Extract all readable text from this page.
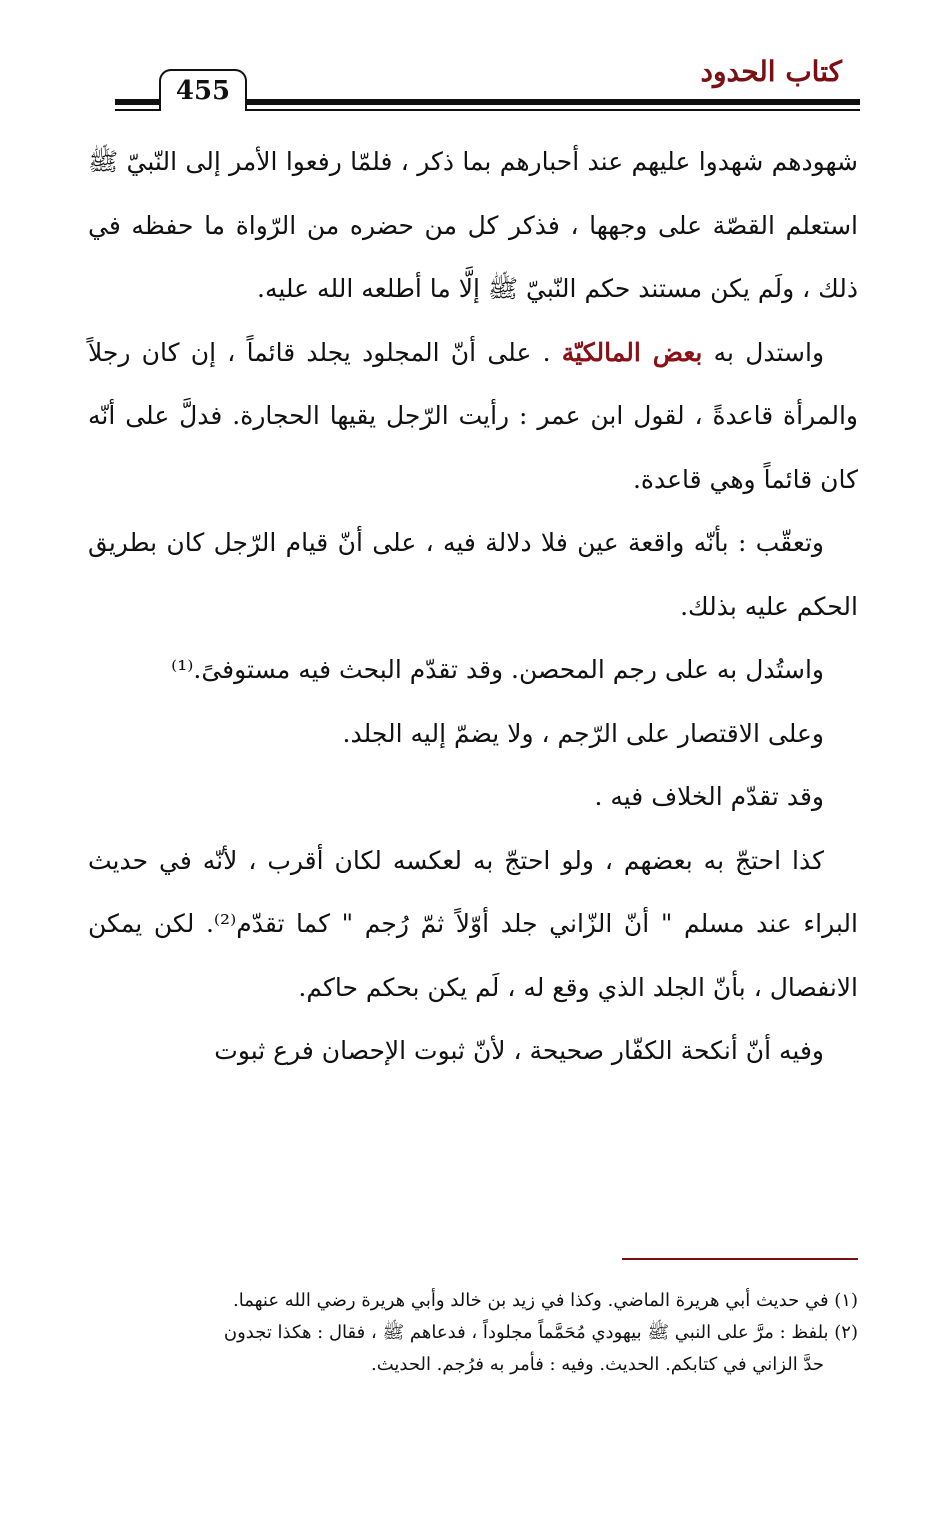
كتاب الحدود
455

شهودهم شهدوا عليهم عند أحبارهم بما ذكر ، فلمّا رفعوا الأمر إلى النّبيّ ﷺ استعلم القصّة على وجهها ، فذكر كل من حضره من الرّواة ما حفظه في ذلك ، ولَم يكن مستند حكم النّبيّ ﷺ إلَّا ما أطلعه الله عليه.

واستدل به بعض المالكيّة . على أنّ المجلود يجلد قائماً ، إن كان رجلاً والمرأة قاعدةً ، لقول ابن عمر : رأيت الرّجل يقيها الحجارة. فدلَّ على أنّه كان قائماً وهي قاعدة.

وتعقّب : بأنّه واقعة عين فلا دلالة فيه ، على أنّ قيام الرّجل كان بطريق الحكم عليه بذلك.

واستُدل به على رجم المحصن. وقد تقدّم البحث فيه مستوفىً.⁽¹⁾

وعلى الاقتصار على الرّجم ، ولا يضمّ إليه الجلد.

وقد تقدّم الخلاف فيه .

كذا احتجّ به بعضهم ، ولو احتجّ به لعكسه لكان أقرب ، لأنّه في حديث البراء عند مسلم " أنّ الزّاني جلد أوّلاً ثمّ رُجم " كما تقدّم⁽²⁾. لكن يمكن الانفصال ، بأنّ الجلد الذي وقع له ، لَم يكن بحكم حاكم.

وفيه أنّ أنكحة الكفّار صحيحة ، لأنّ ثبوت الإحصان فرع ثبوت

(١) في حديث أبي هريرة الماضي. وكذا في زيد بن خالد وأبي هريرة رضي الله عنهما.

(٢) بلفظ : مرَّ على النبي ﷺ بيهودي مُحَمَّماً مجلوداً ، فدعاهم ﷺ ، فقال : هكذا تجدون

حدَّ الزاني في كتابكم. الحديث. وفيه : فأمر به فرُجم. الحديث.
